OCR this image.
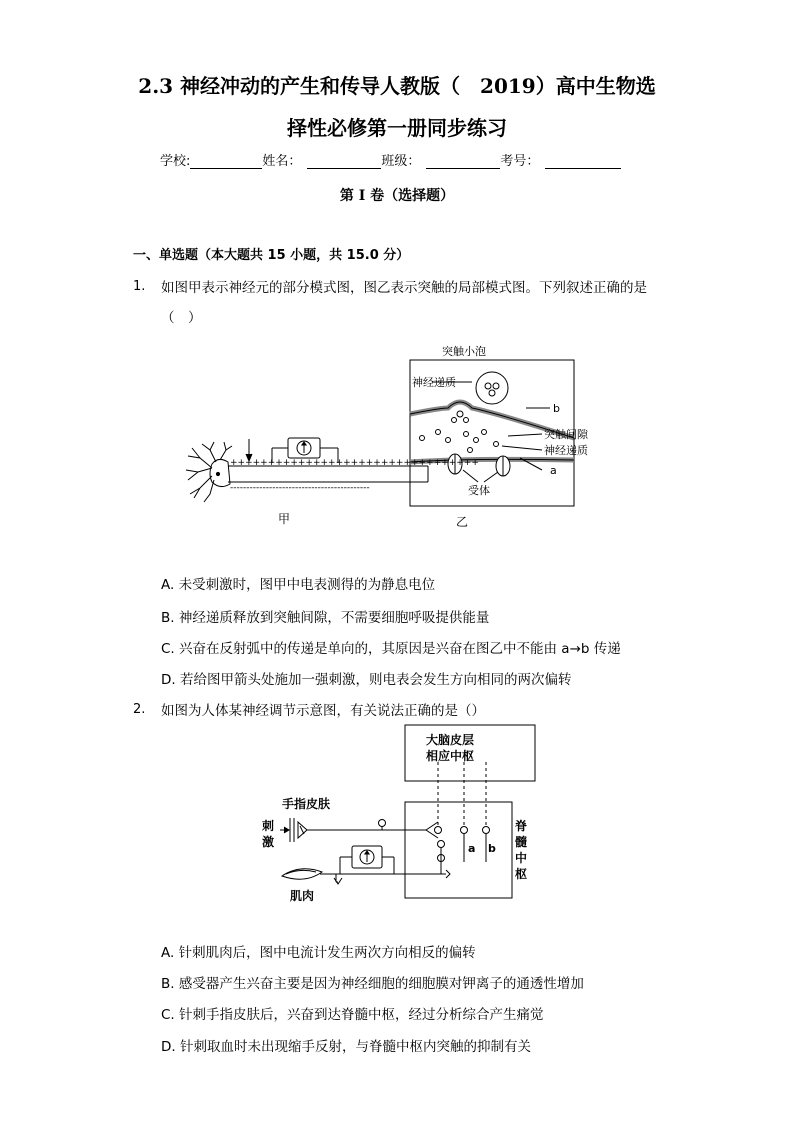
2.3 神经冲动的产生和传导人教版（　2019）高中生物选
择性必修第一册同步练习
学校:	姓名：	班级：	考号：
第 I 卷（选择题）
一、单选题（本大题共 15 小题，共 15.0 分）
1. 如图甲表示神经元的部分模式图，图乙表示突触的局部模式图。下列叙述正确的是
（　）
+++++++++++++++++++++++++++++++++
-------------------------------------------
甲	乙
突触小泡
神经递质
b
突触间隙
神经递质
a
受体
A. 未受刺激时，图甲中电表测得的为静息电位
B. 神经递质释放到突触间隙，不需要细胞呼吸提供能量
C. 兴奋在反射弧中的传递是单向的，其原因是兴奋在图乙中不能由 a→b 传递
D. 若给图甲箭头处施加一强刺激，则电表会发生方向相同的两次偏转
2. 如图为人体某神经调节示意图，有关说法正确的是（）
大脑皮层
相应中枢
手指皮肤
刺
激
肌肉
a b
脊
髓
中
枢
A. 针刺肌肉后，图中电流计发生两次方向相反的偏转
B. 感受器产生兴奋主要是因为神经细胞的细胞膜对钾离子的通透性增加
C. 针刺手指皮肤后，兴奋到达脊髓中枢，经过分析综合产生痛觉
D. 针刺取血时未出现缩手反射，与脊髓中枢内突触的抑制有关
